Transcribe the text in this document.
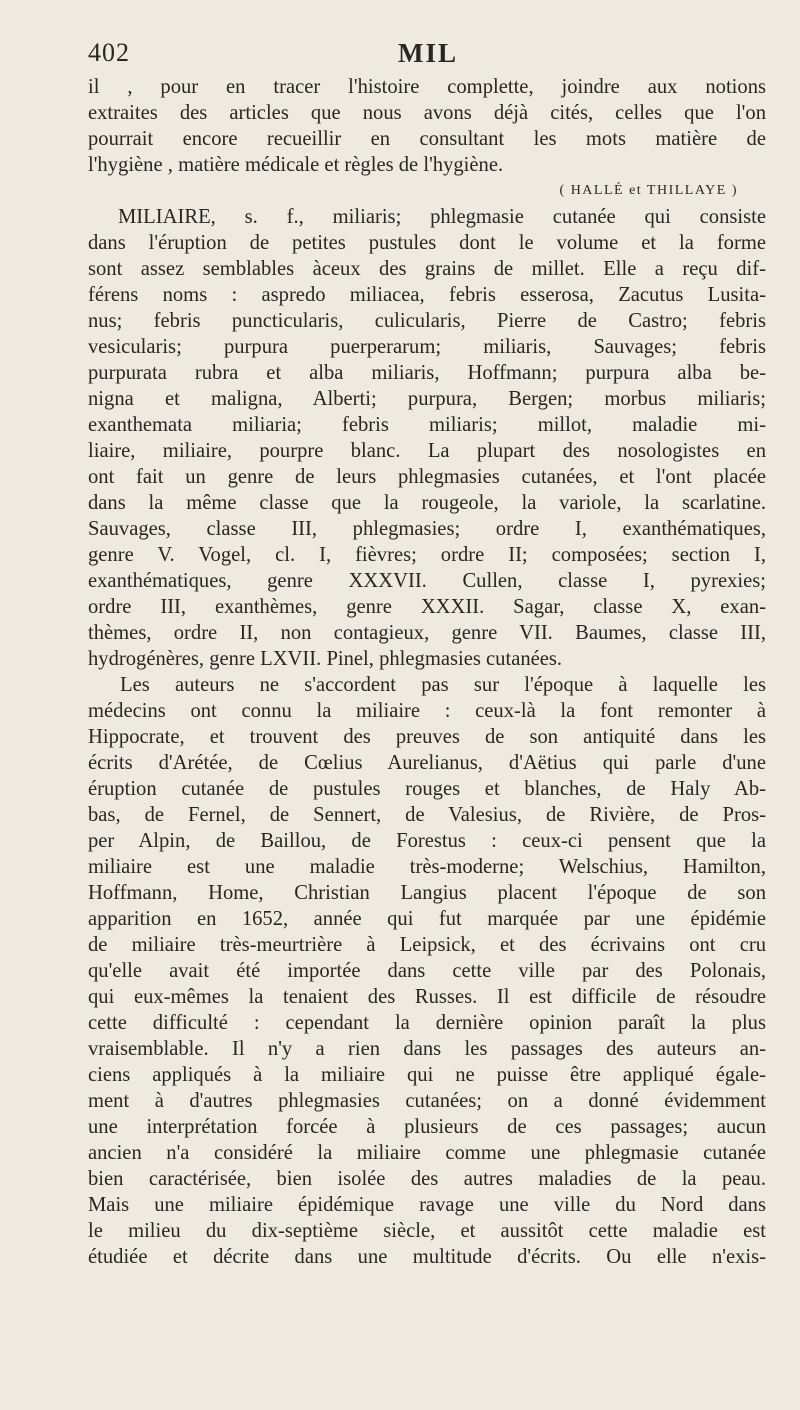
402	MIL
il , pour en tracer l'histoire complette, joindre aux notions
extraites des articles que nous avons déjà cités, celles que l'on
pourrait encore recueillir en consultant les mots matière de
l'hygiène , matière médicale et règles de l'hygiène.
( HALLÉ et THILLAYE )
MILIAIRE, s. f., miliaris; phlegmasie cutanée qui consiste
dans l'éruption de petites pustules dont le volume et la forme
sont assez semblables àceux des grains de millet. Elle a reçu dif-
férens noms : aspredo miliacea, febris esserosa, Zacutus Lusita-
nus; febris puncticularis, culicularis, Pierre de Castro; febris
vesicularis; purpura puerperarum; miliaris, Sauvages; febris
purpurata rubra et alba miliaris, Hoffmann; purpura alba be-
nigna et maligna, Alberti; purpura, Bergen; morbus miliaris;
exanthemata miliaria; febris miliaris; millot, maladie mi-
liaire, miliaire, pourpre blanc. La plupart des nosologistes en
ont fait un genre de leurs phlegmasies cutanées, et l'ont placée
dans la même classe que la rougeole, la variole, la scarlatine.
Sauvages, classe III, phlegmasies; ordre I, exanthématiques,
genre V. Vogel, cl. I, fièvres; ordre II; composées; section I,
exanthématiques, genre XXXVII. Cullen, classe I, pyrexies;
ordre III, exanthèmes, genre XXXII. Sagar, classe X, exan-
thèmes, ordre II, non contagieux, genre VII. Baumes, classe III,
hydrogénères, genre LXVII. Pinel, phlegmasies cutanées.
Les auteurs ne s'accordent pas sur l'époque à laquelle les
médecins ont connu la miliaire : ceux-là la font remonter à
Hippocrate, et trouvent des preuves de son antiquité dans les
écrits d'Arétée, de Cœlius Aurelianus, d'Aëtius qui parle d'une
éruption cutanée de pustules rouges et blanches, de Haly Ab-
bas, de Fernel, de Sennert, de Valesius, de Rivière, de Pros-
per Alpin, de Baillou, de Forestus : ceux-ci pensent que la
miliaire est une maladie très-moderne; Welschius, Hamilton,
Hoffmann, Home, Christian Langius placent l'époque de son
apparition en 1652, année qui fut marquée par une épidémie
de miliaire très-meurtrière à Leipsick, et des écrivains ont cru
qu'elle avait été importée dans cette ville par des Polonais,
qui eux-mêmes la tenaient des Russes. Il est difficile de résoudre
cette difficulté : cependant la dernière opinion paraît la plus
vraisemblable. Il n'y a rien dans les passages des auteurs an-
ciens appliqués à la miliaire qui ne puisse être appliqué égale-
ment à d'autres phlegmasies cutanées; on a donné évidemment
une interprétation forcée à plusieurs de ces passages; aucun
ancien n'a considéré la miliaire comme une phlegmasie cutanée
bien caractérisée, bien isolée des autres maladies de la peau.
Mais une miliaire épidémique ravage une ville du Nord dans
le milieu du dix-septième siècle, et aussitôt cette maladie est
étudiée et décrite dans une multitude d'écrits. Ou elle n'exis-
